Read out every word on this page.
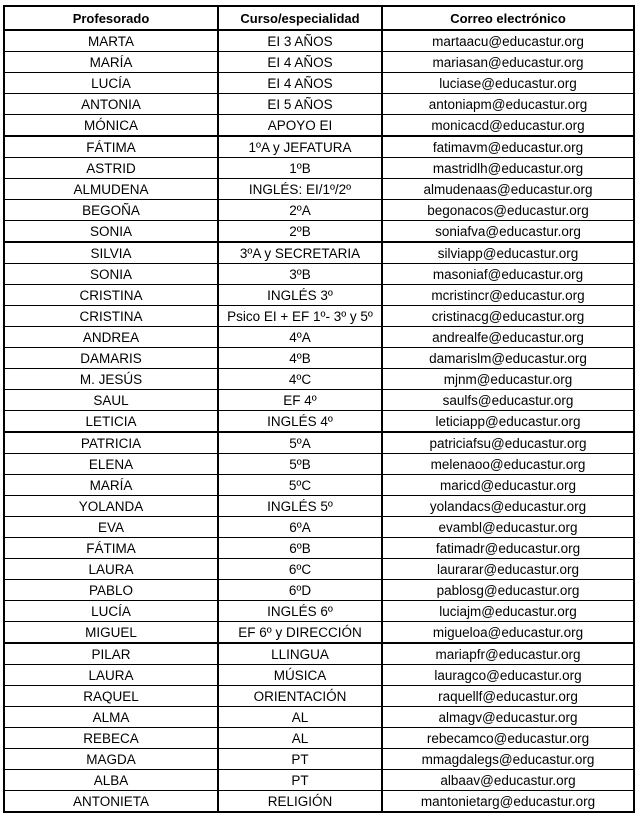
Profesorado	Curso/especialidad	Correo electrónico
MARTA	EI 3 AÑOS	martaacu@educastur.org
MARÍA	EI 4 AÑOS	mariasan@educastur.org
LUCÍA	EI 4 AÑOS	luciase@educastur.org
ANTONIA	EI 5 AÑOS	antoniapm@educastur.org
MÓNICA	APOYO EI	monicacd@educastur.org
FÁTIMA	1ºA y JEFATURA	fatimavm@educastur.org
ASTRID	1ºB	mastridlh@educastur.org
ALMUDENA	INGLÉS: EI/1º/2º	almudenaas@educastur.org
BEGOÑA	2ºA	begonacos@educastur.org
SONIA	2ºB	soniafva@educastur.org
SILVIA	3ºA y SECRETARIA	silviapp@educastur.org
SONIA	3ºB	masoniaf@educastur.org
CRISTINA	INGLÉS 3º	mcristincr@educastur.org
CRISTINA	Psico EI + EF 1º- 3º y 5º	cristinacg@educastur.org
ANDREA	4ºA	andrealfe@educastur.org
DAMARIS	4ºB	damarislm@educastur.org
M. JESÚS	4ºC	mjnm@educastur.org
SAUL	EF 4º	saulfs@educastur.org
LETICIA	INGLÉS 4º	leticiapp@educastur.org
PATRICIA	5ºA	patriciafsu@educastur.org
ELENA	5ºB	melenaoo@educastur.org
MARÍA	5ºC	maricd@educastur.org
YOLANDA	INGLÉS 5º	yolandacs@educastur.org
EVA	6ºA	evambl@educastur.org
FÁTIMA	6ºB	fatimadr@educastur.org
LAURA	6ºC	laurarar@educastur.org
PABLO	6ºD	pablosg@educastur.org
LUCÍA	INGLÉS 6º	luciajm@educastur.org
MIGUEL	EF 6º y DIRECCIÓN	migueloa@educastur.org
PILAR	LLINGUA	mariapfr@educastur.org
LAURA	MÚSICA	lauragco@educastur.org
RAQUEL	ORIENTACIÓN	raquellf@educastur.org
ALMA	AL	almagv@educastur.org
REBECA	AL	rebecamco@educastur.org
MAGDA	PT	mmagdalegs@educastur.org
ALBA	PT	albaav@educastur.org
ANTONIETA	RELIGIÓN	mantonietarg@educastur.org
